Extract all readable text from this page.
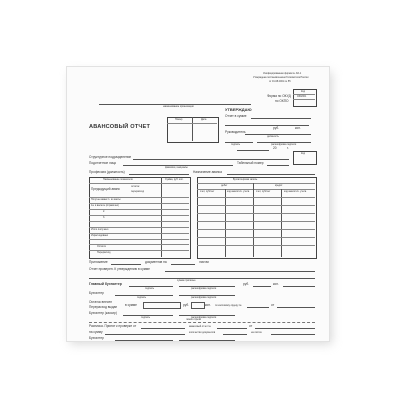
Унифицированная форма № АО-1
Утверждена постановлением Госкомстата России
от 01.08.2001 № 55
Код
0302001
Форма по ОКУД
по ОКПО
наименование организации
АВАНСОВЫЙ ОТЧЕТ
Номер	Дата
УТВЕРЖДАЮ
Отчет в сумме
руб.	коп.
Руководитель
должность
подпись	расшифровка подписи
20	г.
Код
Структурное подразделение
Подотчетное лицо
фамилия, инициалы
Табельный номер
Профессия (должность)	Назначение аванса
Наименование показателя	Сумма, руб. коп.
Предыдущий аванс
остаток
перерасход
Получен аванс 1. из кассы
1а. в валюте (справочно)
2.
3.
Итого получено
Израсходовано
Остаток
Перерасход
Бухгалтерская запись
дебет	кредит
счет, субсчет	код аналитич. учета	счет, субсчет	код аналитич. учета
Приложение	документов на	листах
Отчет проверен. К утверждению в сумме
сумма прописью
Главный бухгалтер
подпись	расшифровка подписи
руб.	коп.
Бухгалтер
подпись	расшифровка подписи
Остаток внесен
Перерасход выдан в сумме	руб.	коп. по кассовому ордеру №	от
Бухгалтер (кассир)
подпись	расшифровка подписи
линия отреза
Расписка. Принят к проверке от	авансовый отчет №	от
на сумму	количество документов	на листах
Бухгалтер
